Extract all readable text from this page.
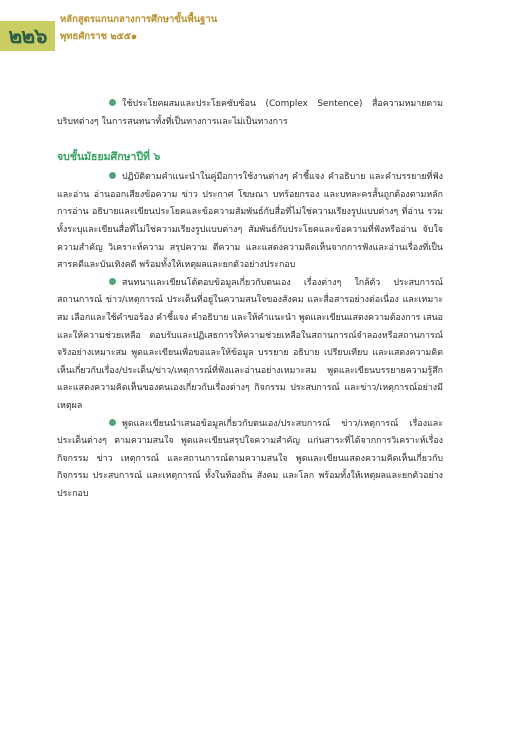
๒๒๖
หลักสูตรแกนกลางการศึกษาขั้นพื้นฐาน
พุทธศักราช ๒๕๕๑

ใช้ประโยคผสมและประโยคซับซ้อน (Complex Sentence) สื่อความหมายตามบริบทต่างๆ ในการสนทนาทั้งที่เป็นทางการและไม่เป็นทางการ

จบชั้นมัธยมศึกษาปีที่ ๖

ปฏิบัติตามคำแนะนำในคู่มือการใช้งานต่างๆ คำชี้แจง คำอธิบาย และคำบรรยายที่ฟังและอ่าน อ่านออกเสียงข้อความ ข่าว ประกาศ โฆษณา บทร้อยกรอง และบทละครสั้นถูกต้องตามหลักการอ่าน อธิบายและเขียนประโยคและข้อความสัมพันธ์กับสื่อที่ไม่ใช่ความเรียงรูปแบบต่างๆ ที่อ่าน รวมทั้งระบุและเขียนสื่อที่ไม่ใช่ความเรียงรูปแบบต่างๆ สัมพันธ์กับประโยคและข้อความที่ฟังหรืออ่าน จับใจความสำคัญ วิเคราะห์ความ สรุปความ ตีความ และแสดงความคิดเห็นจากการฟังและอ่านเรื่องที่เป็นสารคดีและบันเทิงคดี พร้อมทั้งให้เหตุผลและยกตัวอย่างประกอบ

สนทนาและเขียนโต้ตอบข้อมูลเกี่ยวกับตนเอง เรื่องต่างๆ ใกล้ตัว ประสบการณ์ สถานการณ์ ข่าว/เหตุการณ์ ประเด็นที่อยู่ในความสนใจของสังคม และสื่อสารอย่างต่อเนื่อง และเหมาะสม เลือกและใช้คำขอร้อง คำชี้แจง คำอธิบาย และให้คำแนะนำ พูดและเขียนแสดงความต้องการ เสนอและให้ความช่วยเหลือ ตอบรับและปฏิเสธการให้ความช่วยเหลือในสถานการณ์จำลองหรือสถานการณ์จริงอย่างเหมาะสม พูดและเขียนเพื่อขอและให้ข้อมูล บรรยาย อธิบาย เปรียบเทียบ และแสดงความคิดเห็นเกี่ยวกับเรื่อง/ประเด็น/ข่าว/เหตุการณ์ที่ฟังและอ่านอย่างเหมาะสม พูดและเขียนบรรยายความรู้สึกและแสดงความคิดเห็นของตนเองเกี่ยวกับเรื่องต่างๆ กิจกรรม ประสบการณ์ และข่าว/เหตุการณ์อย่างมีเหตุผล

พูดและเขียนนำเสนอข้อมูลเกี่ยวกับตนเอง/ประสบการณ์ ข่าว/เหตุการณ์ เรื่องและประเด็นต่างๆ ตามความสนใจ พูดและเขียนสรุปใจความสำคัญ แก่นสาระที่ได้จากการวิเคราะห์เรื่อง กิจกรรม ข่าว เหตุการณ์ และสถานการณ์ตามความสนใจ พูดและเขียนแสดงความคิดเห็นเกี่ยวกับกิจกรรม ประสบการณ์ และเหตุการณ์ ทั้งในท้องถิ่น สังคม และโลก พร้อมทั้งให้เหตุผลและยกตัวอย่างประกอบ
